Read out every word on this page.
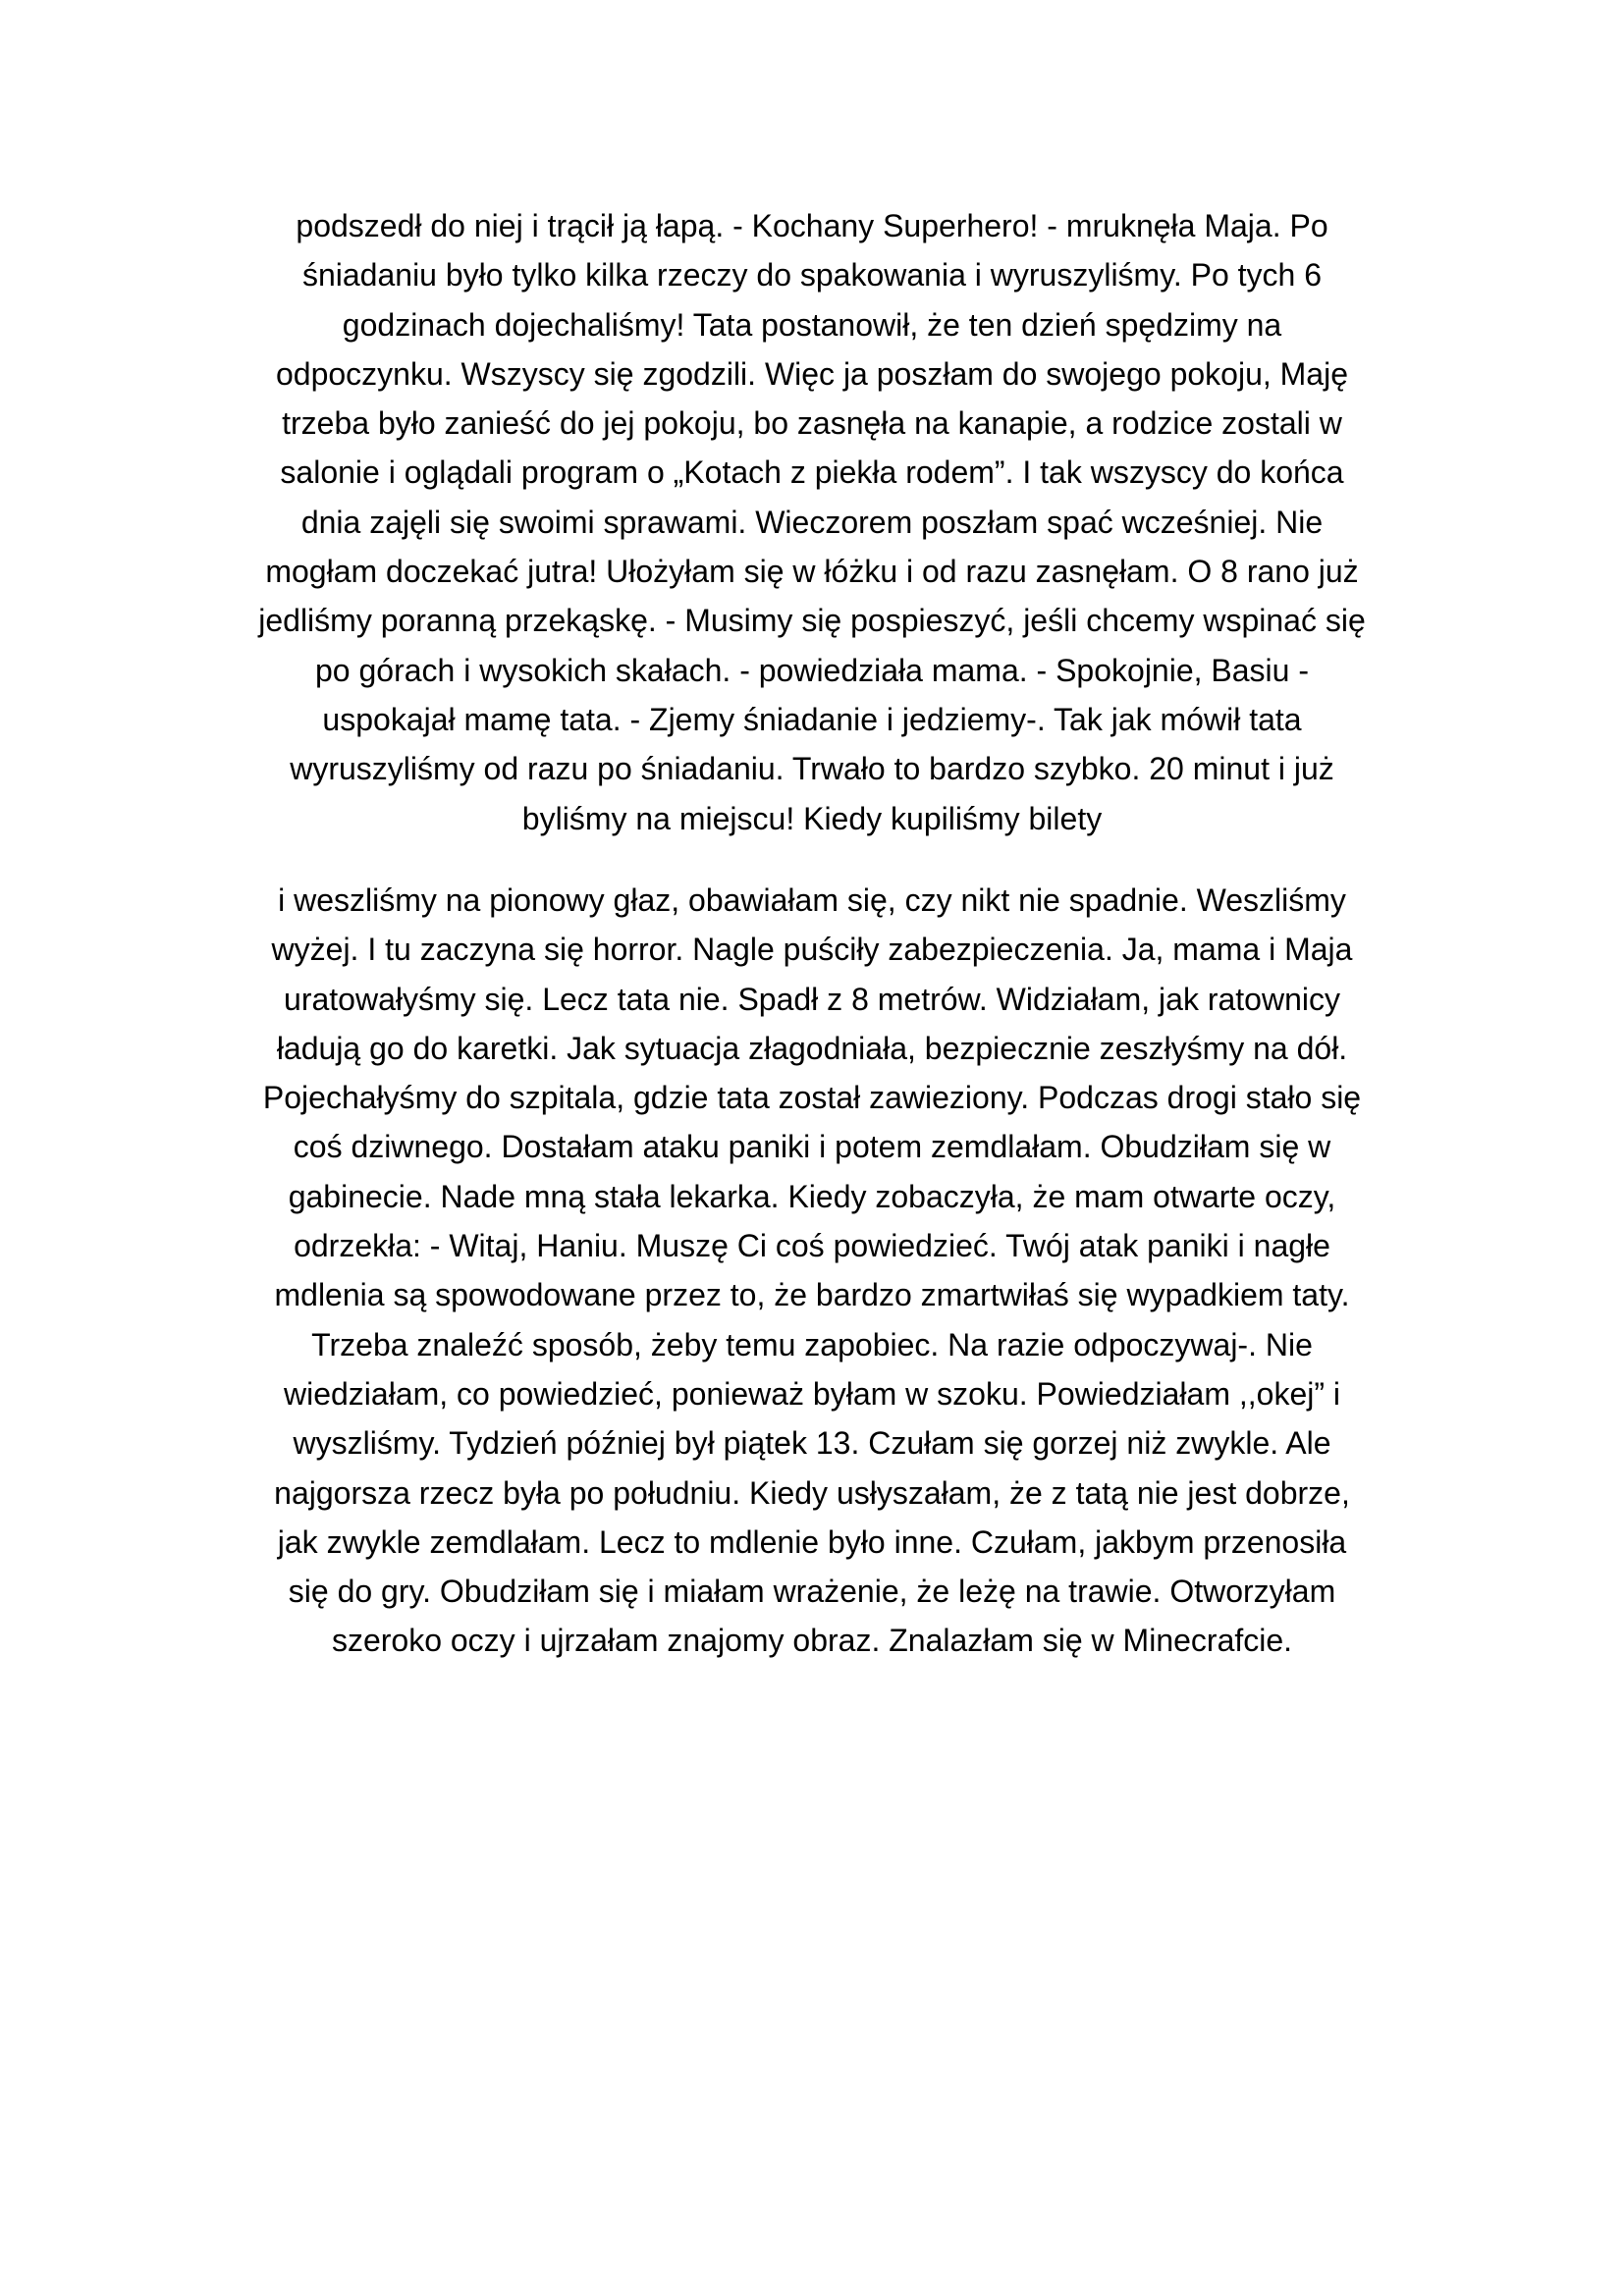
podszedł do niej i trącił ją łapą. - Kochany Superhero! - mruknęła Maja. Po
śniadaniu było tylko kilka rzeczy do spakowania i wyruszyliśmy. Po tych 6
godzinach dojechaliśmy! Tata postanowił, że ten dzień spędzimy na
odpoczynku. Wszyscy się zgodzili. Więc ja poszłam do swojego pokoju, Maję
trzeba było zanieść do jej pokoju, bo zasnęła na kanapie, a rodzice zostali w
salonie i oglądali program o „Kotach z piekła rodem”. I tak wszyscy do końca
dnia zajęli się swoimi sprawami. Wieczorem poszłam spać wcześniej. Nie
mogłam doczekać jutra! Ułożyłam się w łóżku i od razu zasnęłam. O 8 rano już
jedliśmy poranną przekąskę. - Musimy się pospieszyć, jeśli chcemy wspinać się
po górach i wysokich skałach. - powiedziała mama. - Spokojnie, Basiu -
uspokajał mamę tata. - Zjemy śniadanie i jedziemy-. Tak jak mówił tata
wyruszyliśmy od razu po śniadaniu. Trwało to bardzo szybko. 20 minut i już
byliśmy na miejscu! Kiedy kupiliśmy bilety

i weszliśmy na pionowy głaz, obawiałam się, czy nikt nie spadnie. Weszliśmy
wyżej. I tu zaczyna się horror. Nagle puściły zabezpieczenia. Ja, mama i Maja
uratowałyśmy się. Lecz tata nie. Spadł z 8 metrów. Widziałam, jak ratownicy
ładują go do karetki. Jak sytuacja złagodniała, bezpiecznie zeszłyśmy na dół.
Pojechałyśmy do szpitala, gdzie tata został zawieziony. Podczas drogi stało się
coś dziwnego. Dostałam ataku paniki i potem zemdlałam. Obudziłam się w
gabinecie. Nade mną stała lekarka. Kiedy zobaczyła, że mam otwarte oczy,
odrzekła: - Witaj, Haniu. Muszę Ci coś powiedzieć. Twój atak paniki i nagłe
mdlenia są spowodowane przez to, że bardzo zmartwiłaś się wypadkiem taty.
Trzeba znaleźć sposób, żeby temu zapobiec. Na razie odpoczywaj-. Nie
wiedziałam, co powiedzieć, ponieważ byłam w szoku. Powiedziałam ,,okej” i
wyszliśmy. Tydzień później był piątek 13. Czułam się gorzej niż zwykle. Ale
najgorsza rzecz była po południu. Kiedy usłyszałam, że z tatą nie jest dobrze,
jak zwykle zemdlałam. Lecz to mdlenie było inne. Czułam, jakbym przenosiła
się do gry. Obudziłam się i miałam wrażenie, że leżę na trawie. Otworzyłam
szeroko oczy i ujrzałam znajomy obraz. Znalazłam się w Minecrafcie.
